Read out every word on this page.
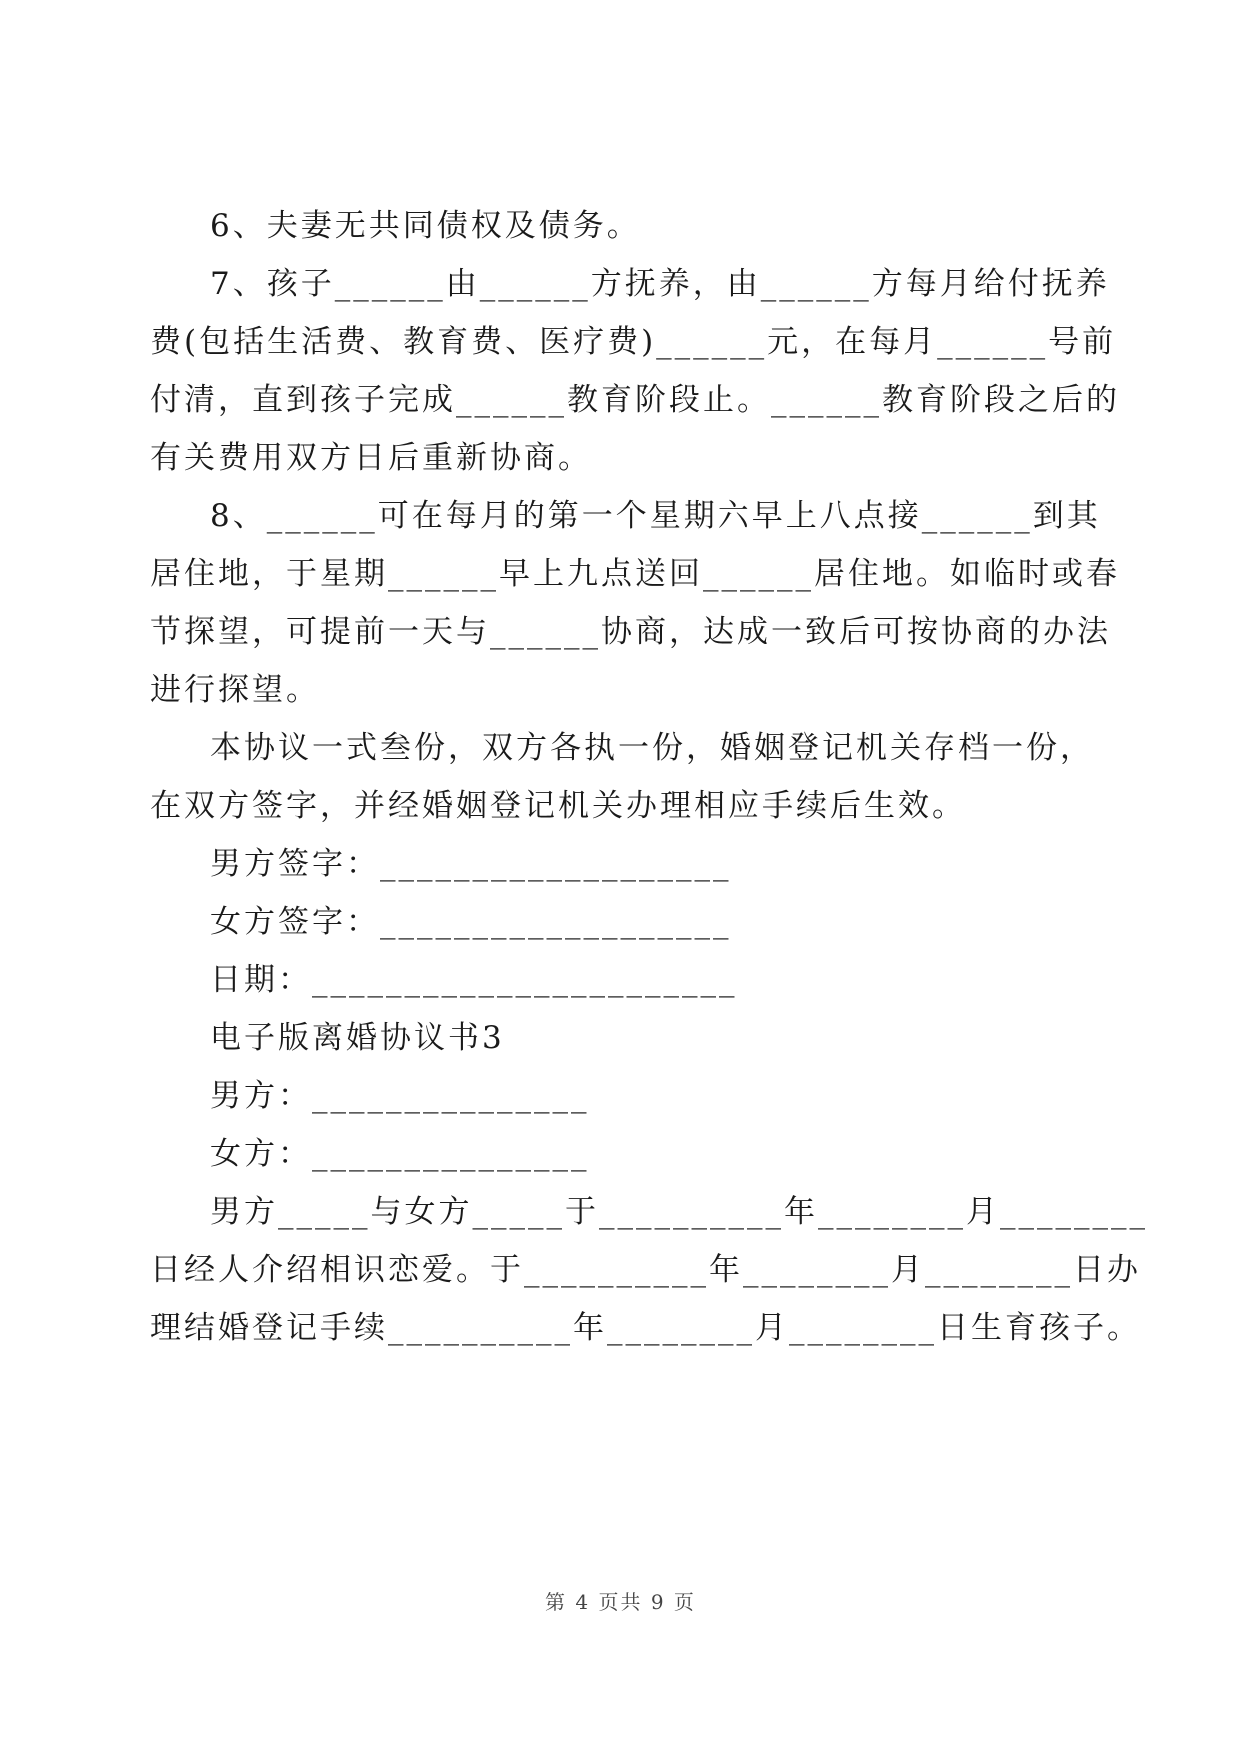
6、夫妻无共同债权及债务。
7、孩子______由______方抚养，由______方每月给付抚养
费(包括生活费、教育费、医疗费)______元，在每月______号前
付清，直到孩子完成______教育阶段止。______教育阶段之后的
有关费用双方日后重新协商。
8、______可在每月的第一个星期六早上八点接______到其
居住地，于星期______早上九点送回______居住地。如临时或春
节探望，可提前一天与______协商，达成一致后可按协商的办法
进行探望。
本协议一式叁份，双方各执一份，婚姻登记机关存档一份，
在双方签字，并经婚姻登记机关办理相应手续后生效。
男方签字：___________________
女方签字：___________________
日期：_______________________
电子版离婚协议书3
男方：_______________
女方：_______________
男方_____与女方_____于__________年________月________
日经人介绍相识恋爱。于__________年________月________日办
理结婚登记手续__________年________月________日生育孩子。
第 4 页共 9 页
